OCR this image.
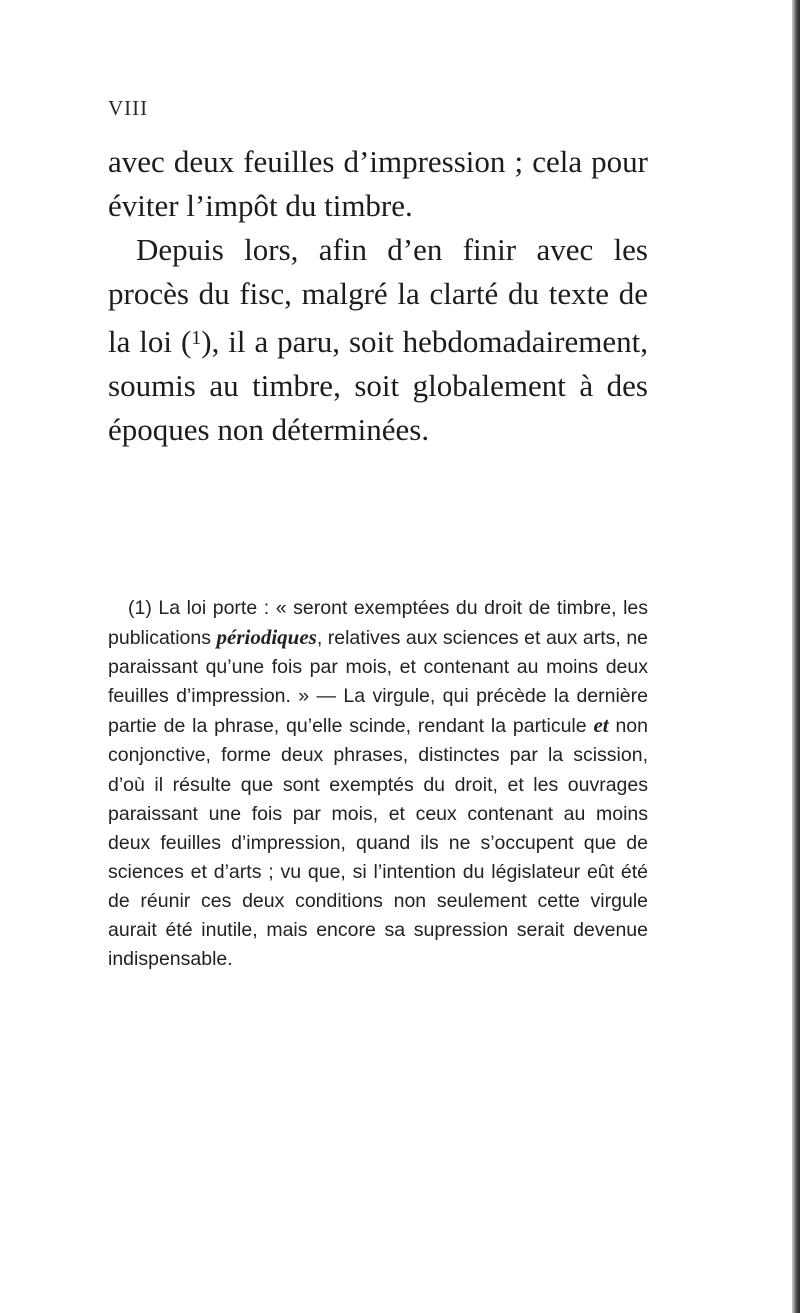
VIII

avec deux feuilles d’impression ; cela pour éviter l’impôt du timbre.

Depuis lors, afin d’en finir avec les procès du fisc, malgré la clarté du texte de la loi ($^1$), il a paru, soit hebdomadairement, soumis au timbre, soit globalement à des époques non déterminées.

(1) La loi porte : « seront exemptées du droit de timbre, les publications périodiques, relatives aux sciences et aux arts, ne paraissant qu’une fois par mois, et contenant au moins deux feuilles d’impression. » — La virgule, qui précède la dernière partie de la phrase, qu’elle scinde, rendant la particule et non conjonctive, forme deux phrases, distinctes par la scission, d’où il résulte que sont exemptés du droit, et les ouvrages paraissant une fois par mois, et ceux contenant au moins deux feuilles d’impression, quand ils ne s’occupent que de sciences et d’arts ; vu que, si l’intention du législateur eût été de réunir ces deux conditions non seulement cette virgule aurait été inutile, mais encore sa supression serait devenue indispensable.
